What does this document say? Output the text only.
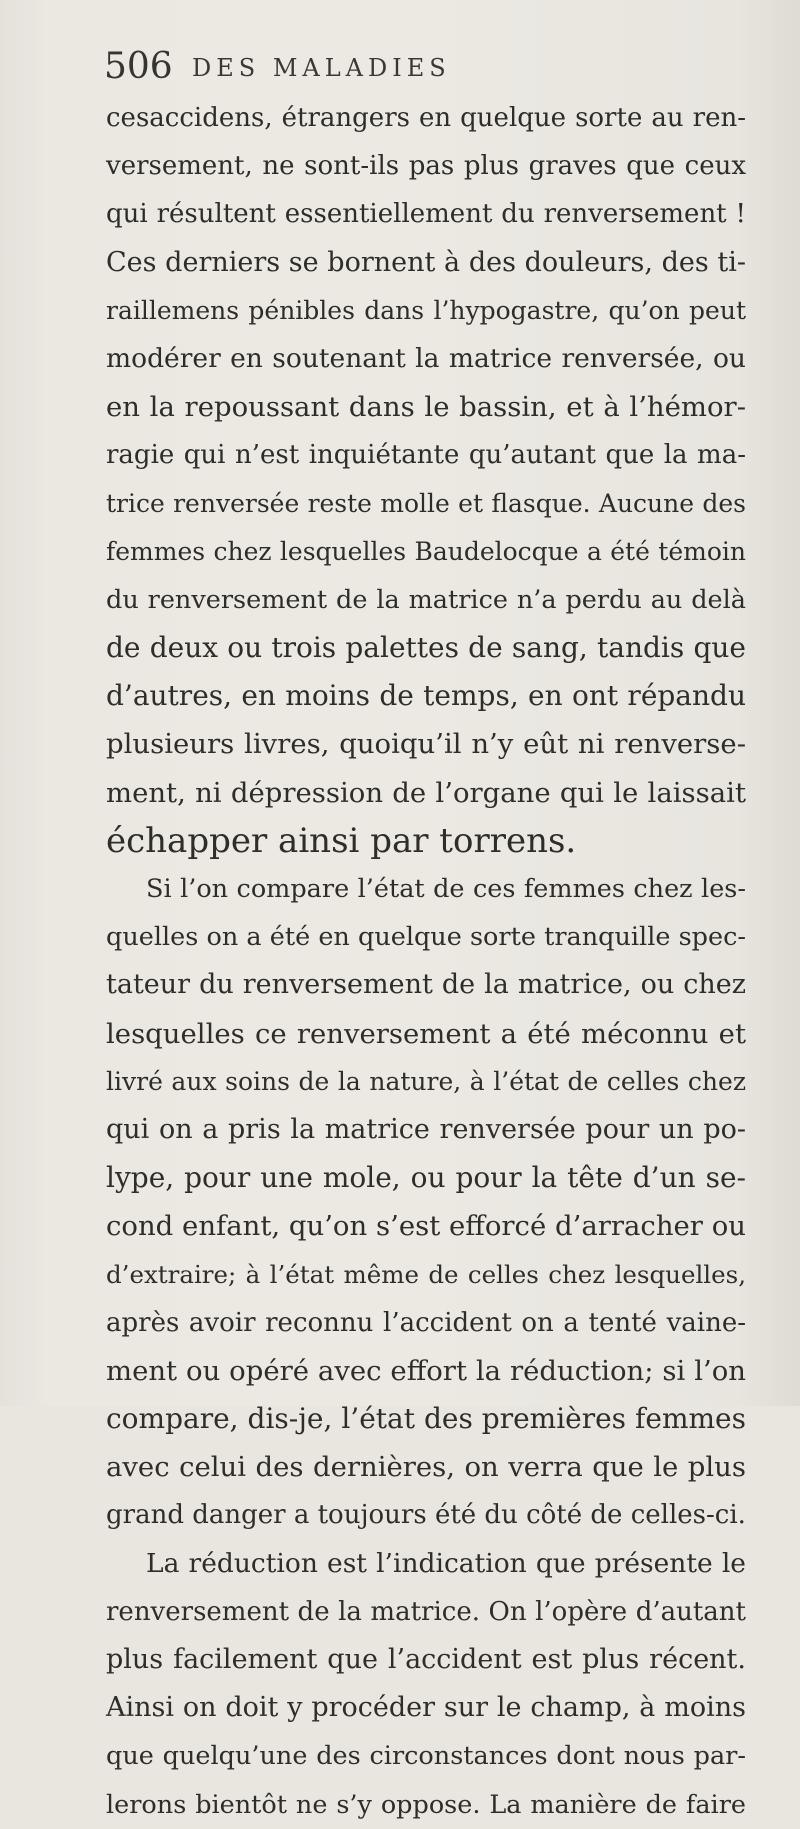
506 DES MALADIES
cesaccidens, étrangers en quelque sorte au ren-
versement, ne sont-ils pas plus graves que ceux
qui résultent essentiellement du renversement !
Ces derniers se bornent à des douleurs, des ti-
raillemens pénibles dans l’hypogastre, qu’on peut
modérer en soutenant la matrice renversée, ou
en la repoussant dans le bassin, et à l’hémor-
ragie qui n’est inquiétante qu’autant que la ma-
trice renversée reste molle et flasque. Aucune des
femmes chez lesquelles Baudelocque a été témoin
du renversement de la matrice n’a perdu au delà
de deux ou trois palettes de sang, tandis que
d’autres, en moins de temps, en ont répandu
plusieurs livres, quoiqu’il n’y eût ni renverse-
ment, ni dépression de l’organe qui le laissait
échapper ainsi par torrens.
Si l’on compare l’état de ces femmes chez les-
quelles on a été en quelque sorte tranquille spec-
tateur du renversement de la matrice, ou chez
lesquelles ce renversement a été méconnu et
livré aux soins de la nature, à l’état de celles chez
qui on a pris la matrice renversée pour un po-
lype, pour une mole, ou pour la tête d’un se-
cond enfant, qu’on s’est efforcé d’arracher ou
d’extraire; à l’état même de celles chez lesquelles,
après avoir reconnu l’accident on a tenté vaine-
ment ou opéré avec effort la réduction; si l’on
compare, dis-je, l’état des premières femmes
avec celui des dernières, on verra que le plus
grand danger a toujours été du côté de celles-ci.
La réduction est l’indication que présente le
renversement de la matrice. On l’opère d’autant
plus facilement que l’accident est plus récent.
Ainsi on doit y procéder sur le champ, à moins
que quelqu’une des circonstances dont nous par-
lerons bientôt ne s’y oppose. La manière de faire
